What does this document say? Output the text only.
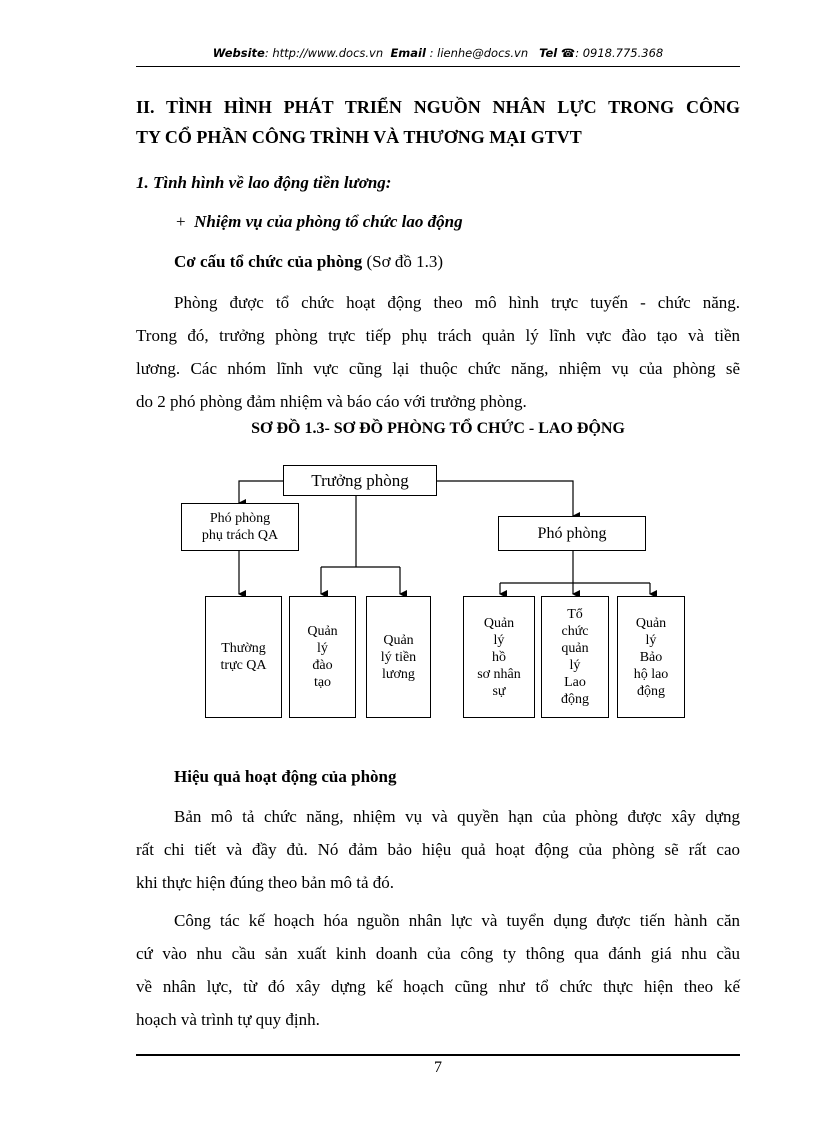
Website: http://www.docs.vn Email : lienhe@docs.vn Tel ☎: 0918.775.368
II. TÌNH HÌNH PHÁT TRIỂN NGUỒN NHÂN LỰC TRONG CÔNG
TY CỔ PHẦN CÔNG TRÌNH VÀ THƯƠNG MẠI GTVT
1. Tình hình về lao động tiền lương:
+ Nhiệm vụ của phòng tổ chức lao động
Cơ cấu tổ chức của phòng (Sơ đồ 1.3)
Phòng được tổ chức hoạt động theo mô hình trực tuyến - chức năng.
Trong đó, trưởng phòng trực tiếp phụ trách quản lý lĩnh vực đào tạo và tiền
lương. Các nhóm lĩnh vực cũng lại thuộc chức năng, nhiệm vụ của phòng sẽ
do 2 phó phòng đảm nhiệm và báo cáo với trưởng phòng.
SƠ ĐỒ 1.3- SƠ ĐỒ PHÒNG TỔ CHỨC - LAO ĐỘNG
Trưởng phòng
Phó phòng
phụ trách QA	Phó phòng
Thường
trực QA
Quản
lý
đào
tạo
Quản
lý tiền
lương
Quản
lý
hồ
sơ nhân
sự
Tổ
chức
quản
lý
Lao
động
Quản
lý
Bảo
hộ lao
động
Hiệu quả hoạt động của phòng
Bản mô tả chức năng, nhiệm vụ và quyền hạn của phòng được xây dựng
rất chi tiết và đầy đủ. Nó đảm bảo hiệu quả hoạt động của phòng sẽ rất cao
khi thực hiện đúng theo bản mô tả đó.
Công tác kế hoạch hóa nguồn nhân lực và tuyển dụng được tiến hành căn
cứ vào nhu cầu sản xuất kinh doanh của công ty thông qua đánh giá nhu cầu
về nhân lực, từ đó xây dựng kế hoạch cũng như tổ chức thực hiện theo kế
hoạch và trình tự quy định.
7
